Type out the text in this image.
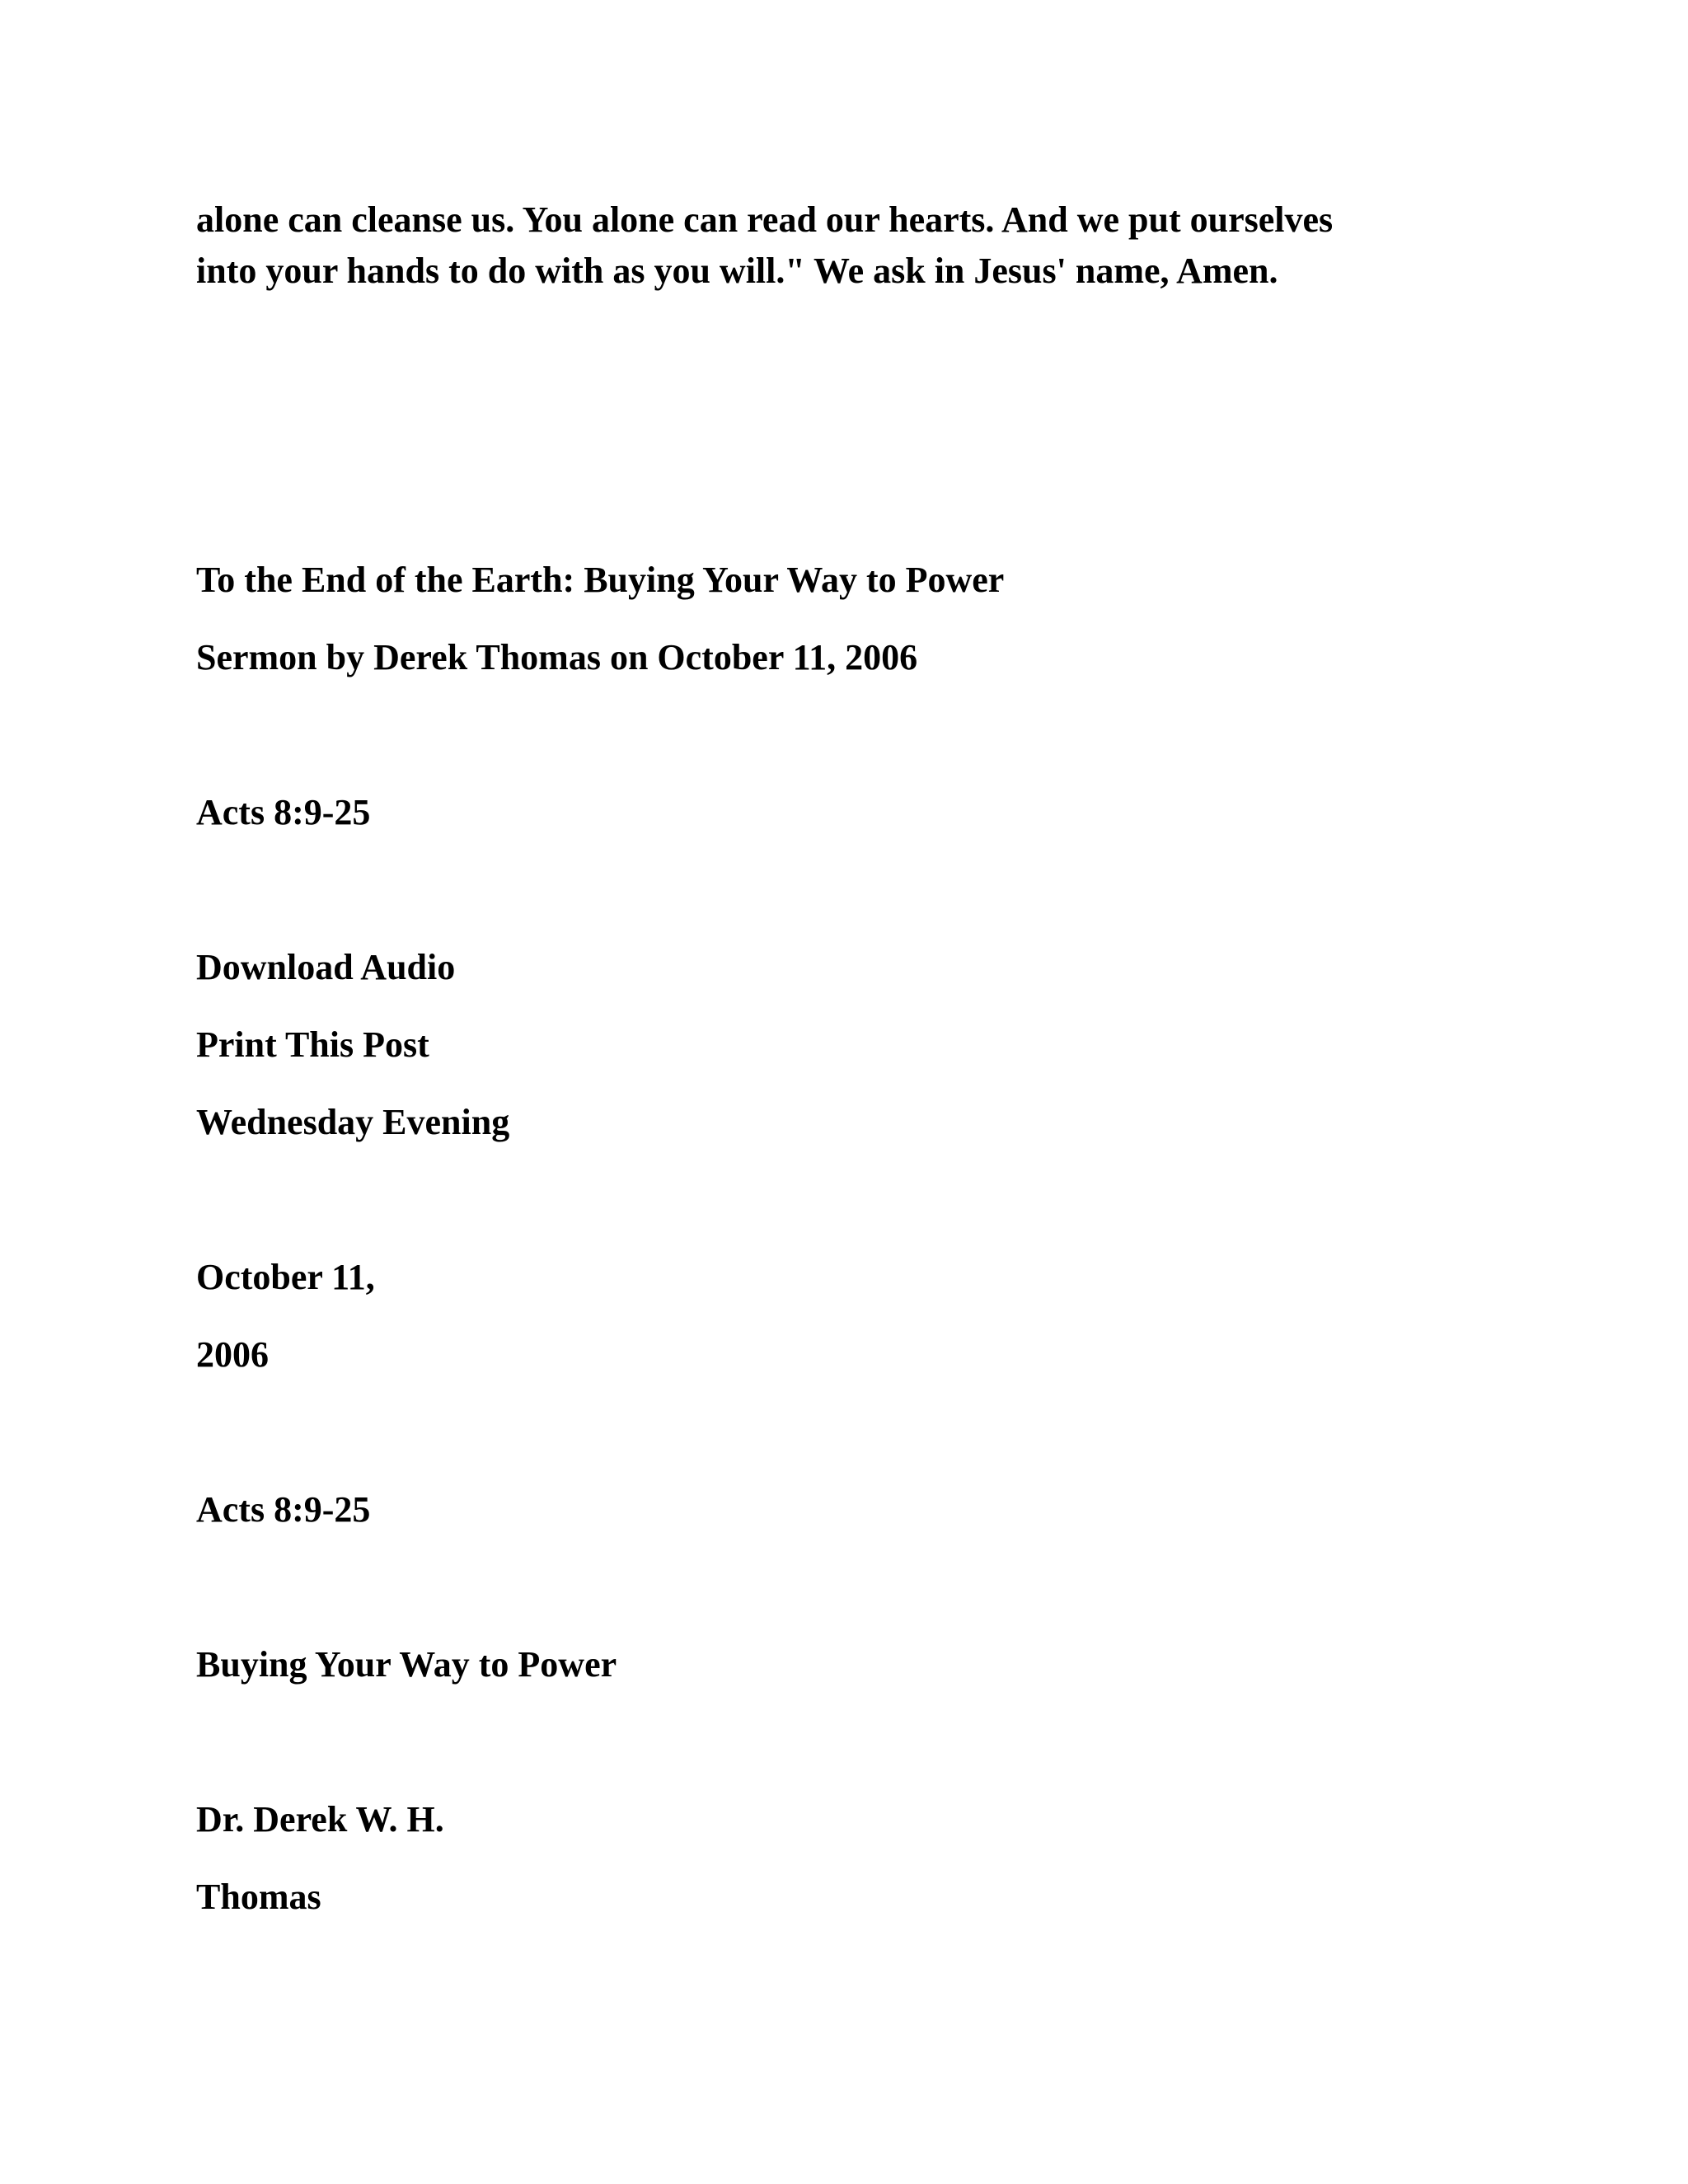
alone can cleanse us. You alone can read our hearts. And we put ourselves
into your hands to do with as you will." We ask in Jesus' name, Amen.
To the End of the Earth: Buying Your Way to Power
Sermon by Derek Thomas on October 11, 2006
Acts 8:9-25
Download Audio
Print This Post
Wednesday Evening
October 11,
2006
Acts 8:9-25
Buying Your Way to Power
Dr. Derek W. H.
Thomas
